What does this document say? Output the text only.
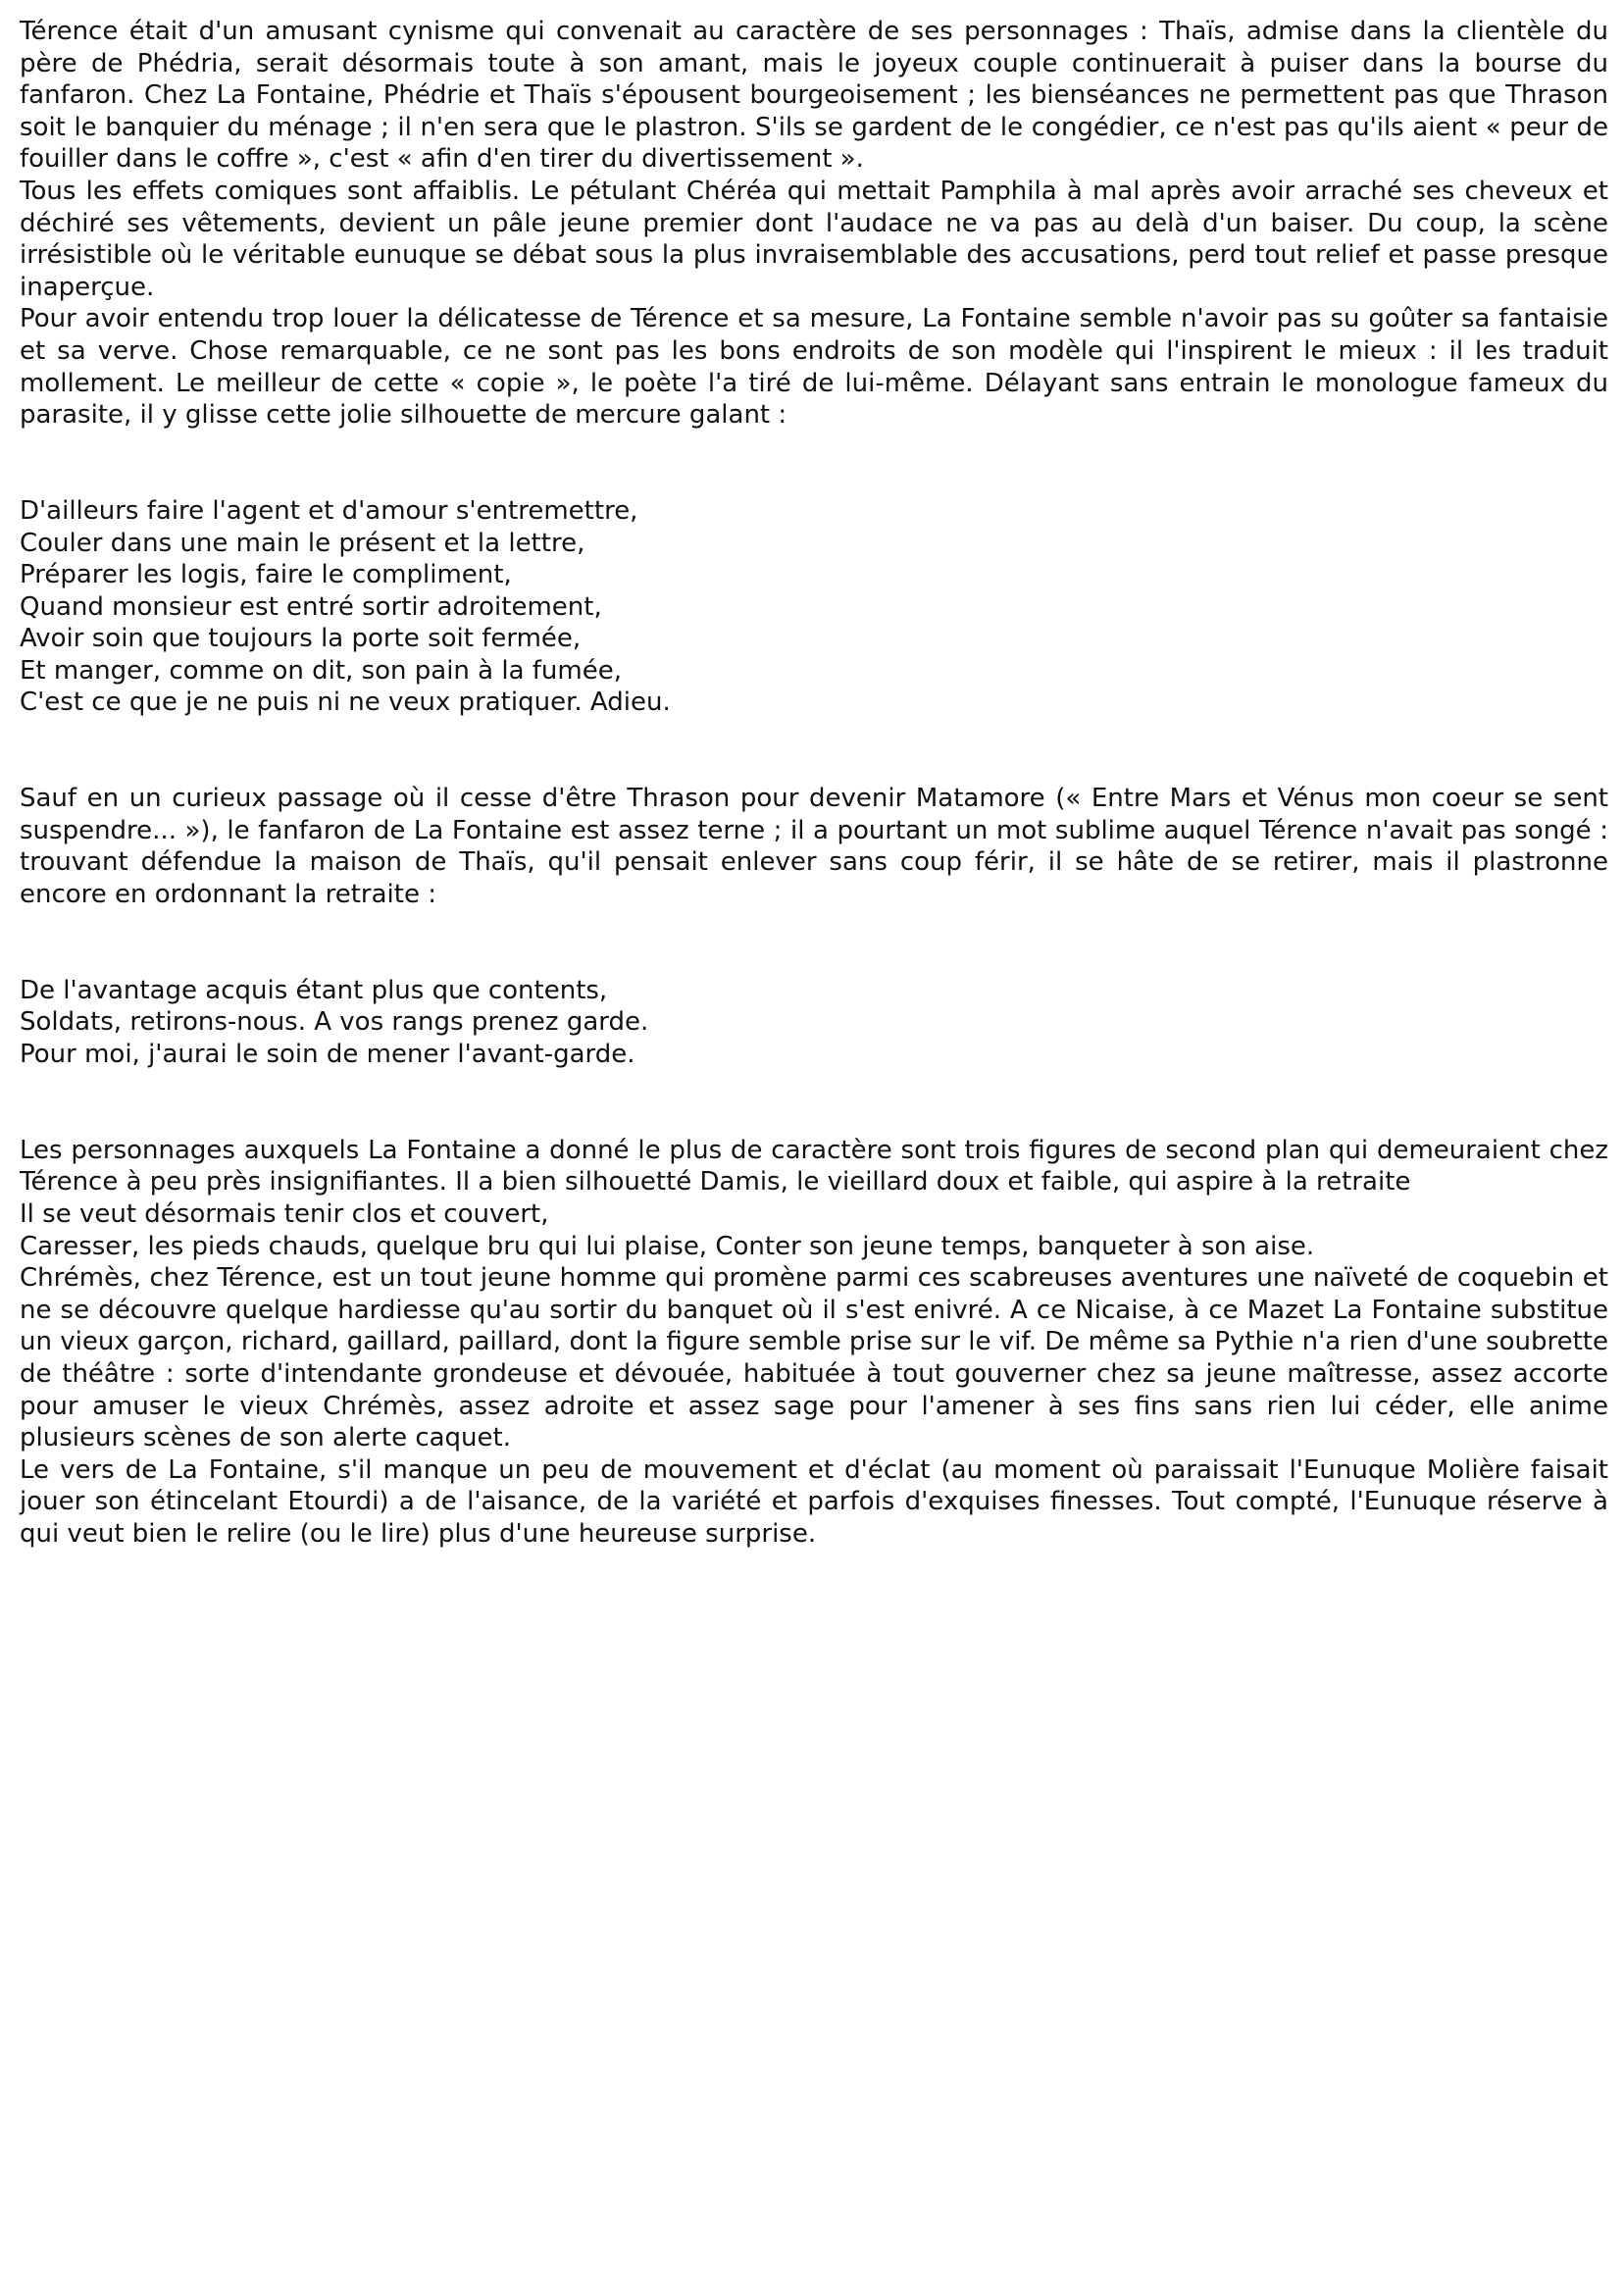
Térence était d'un amusant cynisme qui convenait au caractère de ses personnages : Thaïs, admise dans la clientèle du père de Phédria, serait désormais toute à son amant, mais le joyeux couple continuerait à puiser dans la bourse du fanfaron. Chez La Fontaine, Phédrie et Thaïs s'épousent bourgeoisement ; les bienséances ne permettent pas que Thrason soit le banquier du ménage ; il n'en sera que le plastron. S'ils se gardent de le congédier, ce n'est pas qu'ils aient « peur de fouiller dans le coffre », c'est « afin d'en tirer du divertissement ».

Tous les effets comiques sont affaiblis. Le pétulant Chéréa qui mettait Pamphila à mal après avoir arraché ses cheveux et déchiré ses vêtements, devient un pâle jeune premier dont l'audace ne va pas au delà d'un baiser. Du coup, la scène irrésistible où le véritable eunuque se débat sous la plus invraisemblable des accusations, perd tout relief et passe presque inaperçue.

Pour avoir entendu trop louer la délicatesse de Térence et sa mesure, La Fontaine semble n'avoir pas su goûter sa fantaisie et sa verve. Chose remarquable, ce ne sont pas les bons endroits de son modèle qui l'inspirent le mieux : il les traduit mollement. Le meilleur de cette « copie », le poète l'a tiré de lui-même. Délayant sans entrain le monologue fameux du parasite, il y glisse cette jolie silhouette de mercure galant :

D'ailleurs faire l'agent et d'amour s'entremettre,
Couler dans une main le présent et la lettre,
Préparer les logis, faire le compliment,
Quand monsieur est entré sortir adroitement,
Avoir soin que toujours la porte soit fermée,
Et manger, comme on dit, son pain à la fumée,
C'est ce que je ne puis ni ne veux pratiquer. Adieu.

Sauf en un curieux passage où il cesse d'être Thrason pour devenir Matamore (« Entre Mars et Vénus mon coeur se sent suspendre... »), le fanfaron de La Fontaine est assez terne ; il a pourtant un mot sublime auquel Térence n'avait pas songé : trouvant défendue la maison de Thaïs, qu'il pensait enlever sans coup férir, il se hâte de se retirer, mais il plastronne encore en ordonnant la retraite :

De l'avantage acquis étant plus que contents,
Soldats, retirons-nous. A vos rangs prenez garde.
Pour moi, j'aurai le soin de mener l'avant-garde.

Les personnages auxquels La Fontaine a donné le plus de caractère sont trois figures de second plan qui demeuraient chez Térence à peu près insignifiantes. Il a bien silhouetté Damis, le vieillard doux et faible, qui aspire à la retraite

Il se veut désormais tenir clos et couvert,
Caresser, les pieds chauds, quelque bru qui lui plaise, Conter son jeune temps, banqueter à son aise.

Chrémès, chez Térence, est un tout jeune homme qui promène parmi ces scabreuses aventures une naïveté de coquebin et ne se découvre quelque hardiesse qu'au sortir du banquet où il s'est enivré. A ce Nicaise, à ce Mazet La Fontaine substitue un vieux garçon, richard, gaillard, paillard, dont la figure semble prise sur le vif. De même sa Pythie n'a rien d'une soubrette de théâtre : sorte d'intendante grondeuse et dévouée, habituée à tout gouverner chez sa jeune maîtresse, assez accorte pour amuser le vieux Chrémès, assez adroite et assez sage pour l'amener à ses fins sans rien lui céder, elle anime plusieurs scènes de son alerte caquet.

Le vers de La Fontaine, s'il manque un peu de mouvement et d'éclat (au moment où paraissait l'Eunuque Molière faisait jouer son étincelant Etourdi) a de l'aisance, de la variété et parfois d'exquises finesses. Tout compté, l'Eunuque réserve à qui veut bien le relire (ou le lire) plus d'une heureuse surprise.
